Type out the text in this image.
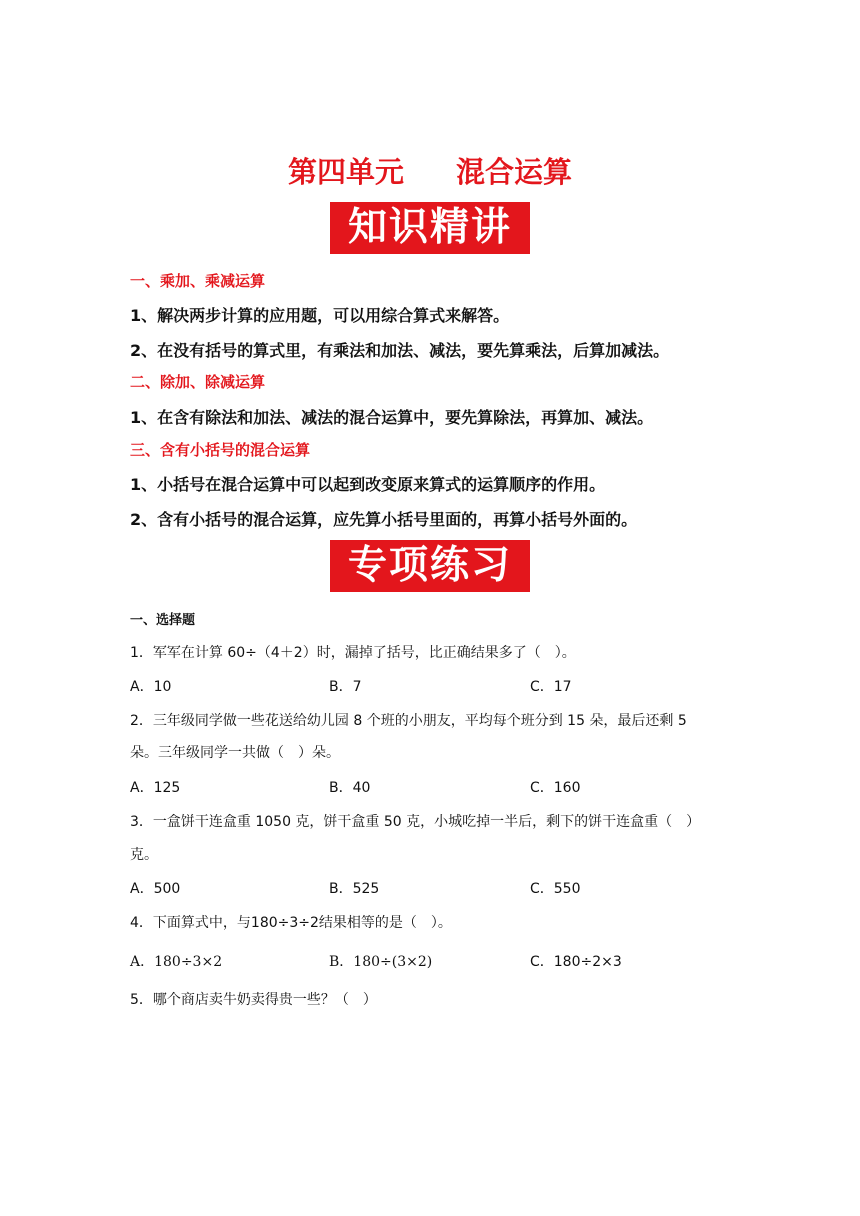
第四单元 混合运算
知识精讲
一、乘加、乘减运算
1、解决两步计算的应用题，可以用综合算式来解答。
2、在没有括号的算式里，有乘法和加法、减法，要先算乘法，后算加减法。
二、除加、除减运算
1、在含有除法和加法、减法的混合运算中，要先算除法，再算加、减法。
三、含有小括号的混合运算
1、小括号在混合运算中可以起到改变原来算式的运算顺序的作用。
2、含有小括号的混合运算，应先算小括号里面的，再算小括号外面的。
专项练习
一、选择题
1．军军在计算 60÷（4＋2）时，漏掉了括号，比正确结果多了（　）。
A．10	B．7	C．17
2．三年级同学做一些花送给幼儿园 8 个班的小朋友，平均每个班分到 15 朵，最后还剩 5
朵。三年级同学一共做（　）朵。
A．125	B．40	C．160
3．一盒饼干连盒重 1050 克，饼干盒重 50 克，小城吃掉一半后，剩下的饼干连盒重（　）
克。
A．500	B．525	C．550
4．下面算式中，与180÷3÷2结果相等的是（　）。
A．180÷3×2	B．180÷(3×2)	C．180÷2×3
5．哪个商店卖牛奶卖得贵一些？（　）
